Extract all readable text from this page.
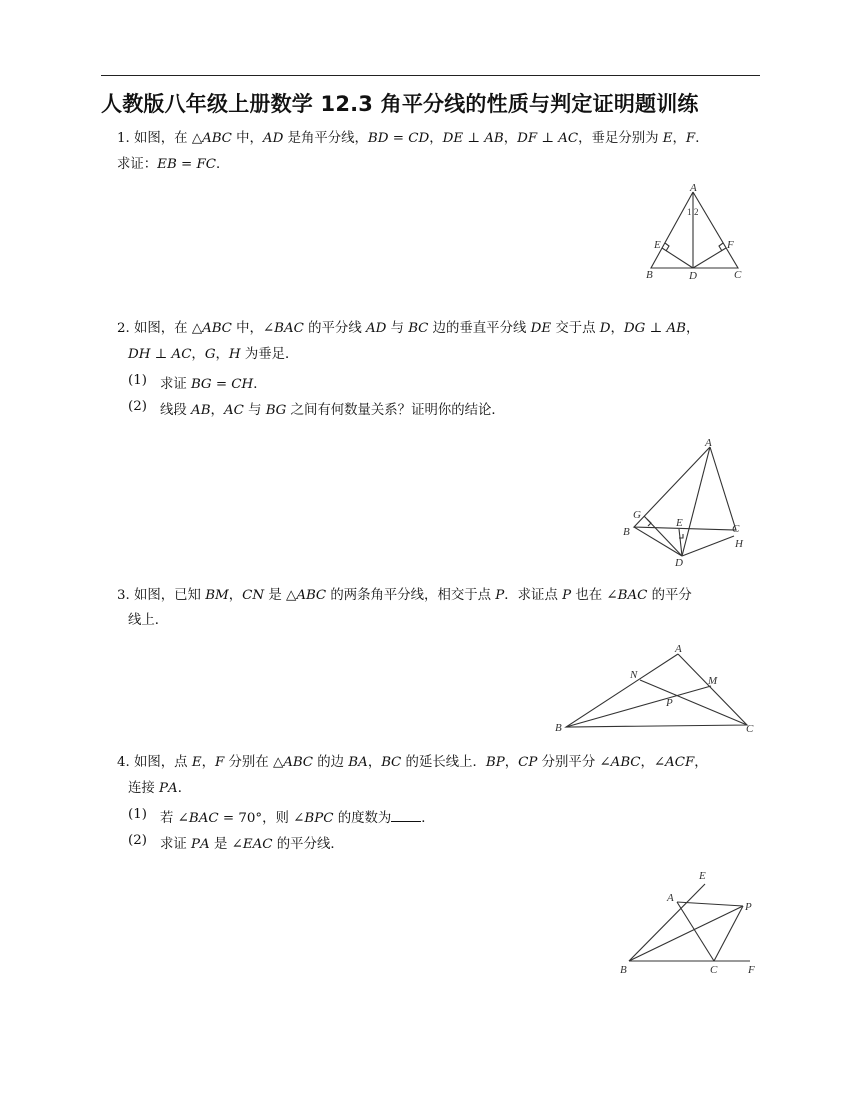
人教版八年级上册数学 12.3 角平分线的性质与判定证明题训练
1. 如图，在 △𝐴𝐵𝐶 中，𝐴𝐷 是角平分线，𝐵𝐷 = 𝐶𝐷，𝐷𝐸 ⊥ 𝐴𝐵，𝐷𝐹 ⊥ 𝐴𝐶，垂足分别为 𝐸，𝐹．
求证：𝐸𝐵 = 𝐹𝐶．
A
1 2
E	F
B	D	C
2. 如图，在 △𝐴𝐵𝐶 中，∠𝐵𝐴𝐶 的平分线 𝐴𝐷 与 𝐵𝐶 边的垂直平分线 𝐷𝐸 交于点 𝐷，𝐷𝐺 ⊥ 𝐴𝐵，
𝐷𝐻 ⊥ 𝐴𝐶，𝐺，𝐻 为垂足．
(1) 求证 𝐵𝐺 = 𝐶𝐻．
(2) 线段 𝐴𝐵，𝐴𝐶 与 𝐵𝐺 之间有何数量关系？证明你的结论．
A
G
B
E	C
H
D
3. 如图，已知 𝐵𝑀，𝐶𝑁 是 △𝐴𝐵𝐶 的两条角平分线，相交于点 𝑃．求证点 𝑃 也在 ∠𝐵𝐴𝐶 的平分
线上．
A
N	M
P
B	C
4. 如图，点 𝐸，𝐹 分别在 △𝐴𝐵𝐶 的边 𝐵𝐴，𝐵𝐶 的延长线上．𝐵𝑃，𝐶𝑃 分别平分 ∠𝐴𝐵𝐶，∠𝐴𝐶𝐹，
连接 𝑃𝐴．
(1) 若 ∠𝐵𝐴𝐶 = 70°，则 ∠𝐵𝑃𝐶 的度数为 ．
(2) 求证 𝑃𝐴 是 ∠𝐸𝐴𝐶 的平分线．
E
A
P
B	C	F
